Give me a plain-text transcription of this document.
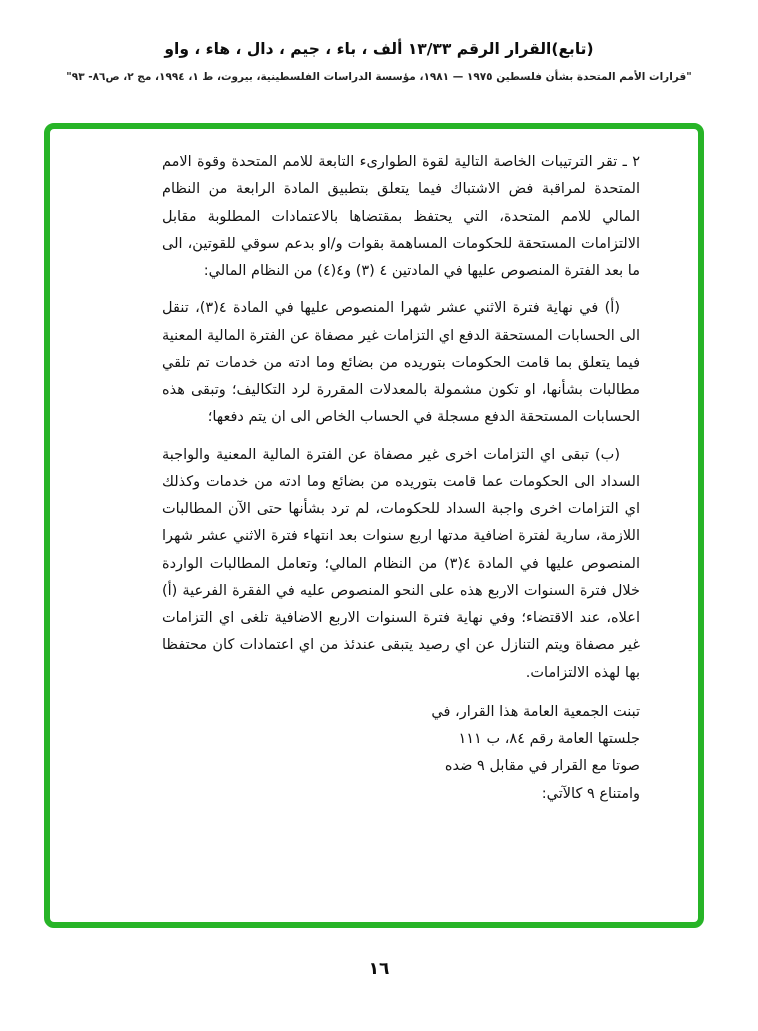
(تابع)القرار الرقم ١٣/٣٣ ألف ، باء ، جيم ، دال ، هاء ، واو
"قرارات الأمم المتحدة بشأن فلسطين ١٩٧٥ — ١٩٨١، مؤسسة الدراسات الفلسطينية، بيروت، ط ١، ١٩٩٤، مج ٢، ص٨٦- ٩٣"

٢ ـ تقر الترتيبات الخاصة التالية لقوة الطوارىء التابعة للامم المتحدة وقوة الامم المتحدة لمراقبة فض الاشتباك فيما يتعلق بتطبيق المادة الرابعة من النظام المالي للامم المتحدة، التي يحتفظ بمقتضاها بالاعتمادات المطلوبة مقابل الالتزامات المستحقة للحكومات المساهمة بقوات و/او بدعم سوقي للقوتين، الى ما بعد الفترة المنصوص عليها في المادتين ٤ (٣) و٤(٤) من النظام المالي:

(أ) في نهاية فترة الاثني عشر شهرا المنصوص عليها في المادة ٤(٣)، تنقل الى الحسابات المستحقة الدفع اي التزامات غير مصفاة عن الفترة المالية المعنية فيما يتعلق بما قامت الحكومات بتوريده من بضائع وما ادته من خدمات تم تلقي مطالبات بشأنها، او تكون مشمولة بالمعدلات المقررة لرد التكاليف؛ وتبقى هذه الحسابات المستحقة الدفع مسجلة في الحساب الخاص الى ان يتم دفعها؛

(ب) تبقى اي التزامات اخرى غير مصفاة عن الفترة المالية المعنية والواجبة السداد الى الحكومات عما قامت بتوريده من بضائع وما ادته من خدمات وكذلك اي التزامات اخرى واجبة السداد للحكومات، لم ترد بشأنها حتى الآن المطالبات اللازمة، سارية لفترة اضافية مدتها اربع سنوات بعد انتهاء فترة الاثني عشر شهرا المنصوص عليها في المادة ٤(٣) من النظام المالي؛ وتعامل المطالبات الواردة خلال فترة السنوات الاربع هذه على النحو المنصوص عليه في الفقرة الفرعية (أ) اعلاه، عند الاقتضاء؛ وفي نهاية فترة السنوات الاربع الاضافية تلغى اي التزامات غير مصفاة ويتم التنازل عن اي رصيد يتبقى عندئذ من اي اعتمادات كان محتفظا بها لهذه الالتزامات.

تبنت الجمعية العامة هذا القرار، في
جلستها العامة رقم ٨٤، ب ١١١
صوتا مع القرار في مقابل ٩ ضده
وامتناع ٩ كالآتي:
١٦
